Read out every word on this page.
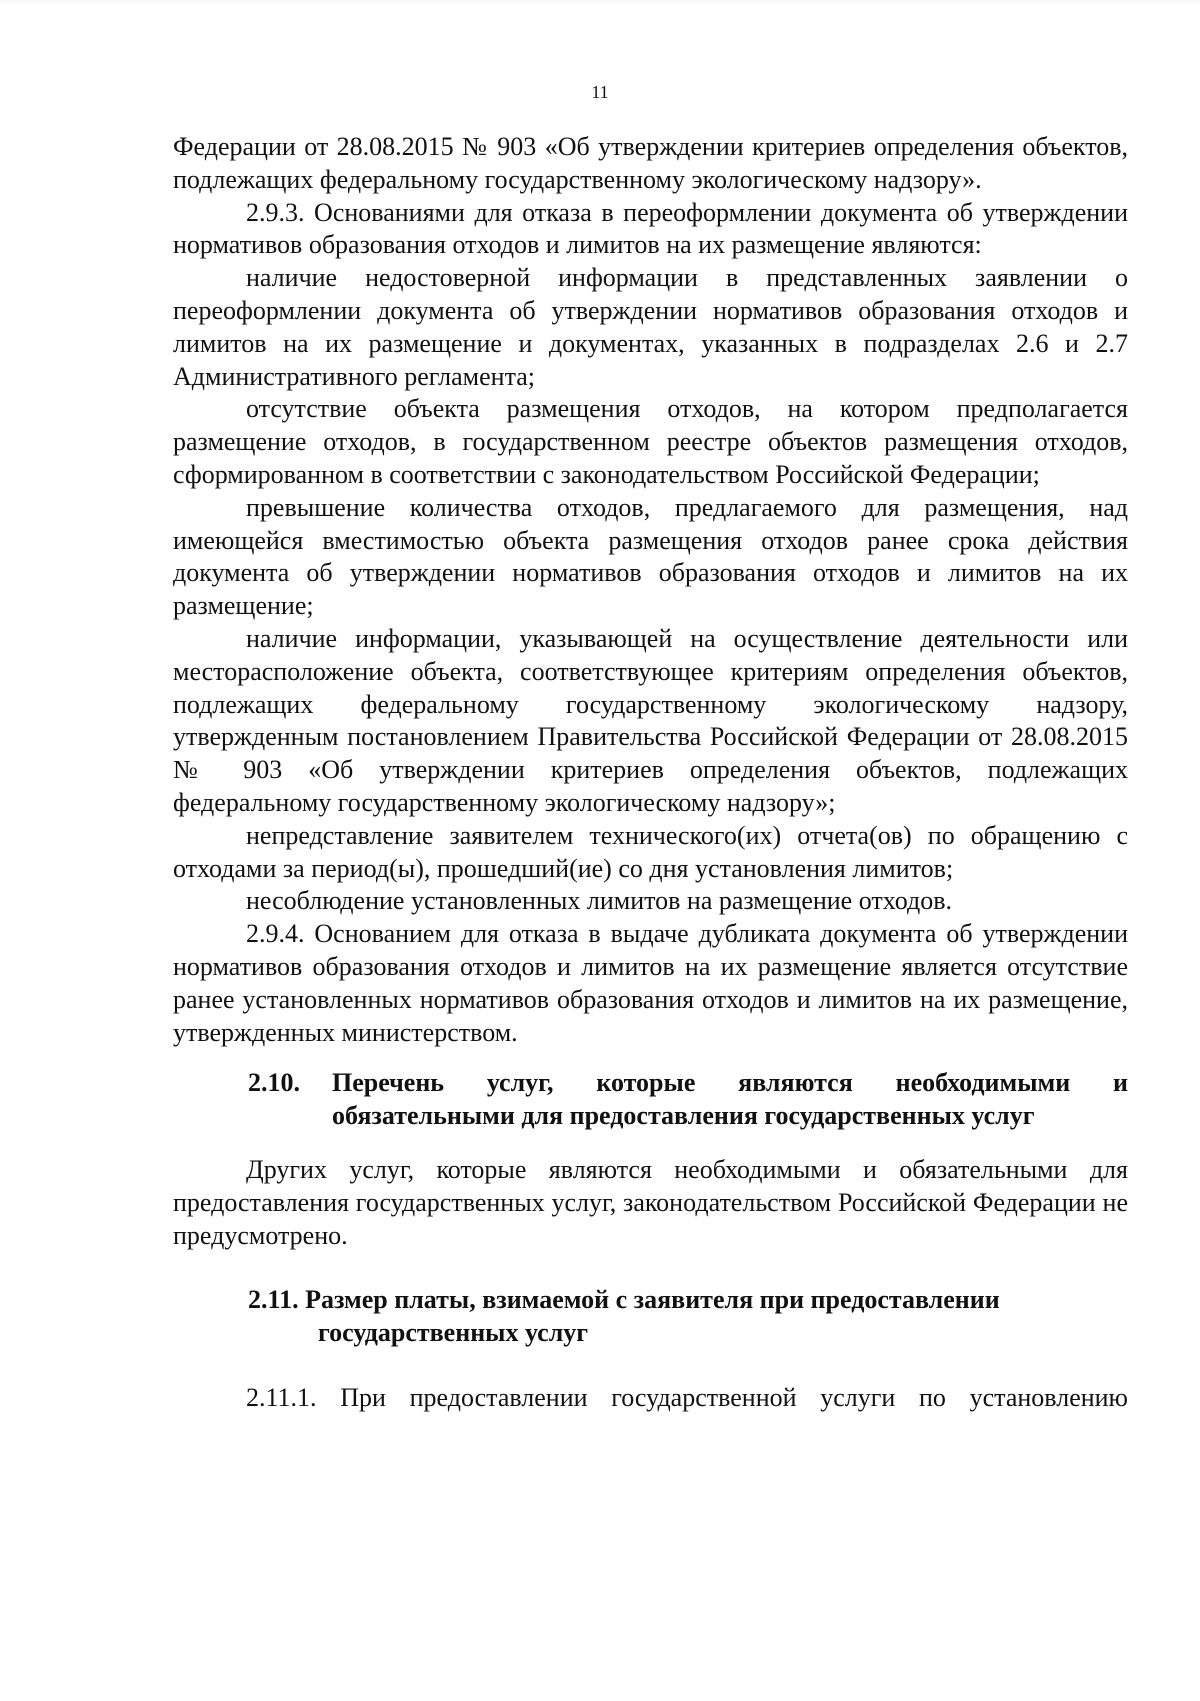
11

Федерации от 28.08.2015 № 903 «Об утверждении критериев определения объектов, подлежащих федеральному государственному экологическому надзору».

2.9.3. Основаниями для отказа в переоформлении документа об утверждении нормативов образования отходов и лимитов на их размещение являются:

наличие недостоверной информации в представленных заявлении о переоформлении документа об утверждении нормативов образования отходов и лимитов на их размещение и документах, указанных в подразделах 2.6 и 2.7 Административного регламента;

отсутствие объекта размещения отходов, на котором предполагается размещение отходов, в государственном реестре объектов размещения отходов, сформированном в соответствии с законодательством Российской Федерации;

превышение количества отходов, предлагаемого для размещения, над имеющейся вместимостью объекта размещения отходов ранее срока действия документа об утверждении нормативов образования отходов и лимитов на их размещение;

наличие информации, указывающей на осуществление деятельности или месторасположение объекта, соответствующее критериям определения объектов, подлежащих федеральному государственному экологическому надзору, утвержденным постановлением Правительства Российской Федерации от 28.08.2015 № 903 «Об утверждении критериев определения объектов, подлежащих федеральному государственному экологическому надзору»;

непредставление заявителем технического(их) отчета(ов) по обращению с отходами за период(ы), прошедший(ие) со дня установления лимитов;

несоблюдение установленных лимитов на размещение отходов.

2.9.4. Основанием для отказа в выдаче дубликата документа об утверждении нормативов образования отходов и лимитов на их размещение является отсутствие ранее установленных нормативов образования отходов и лимитов на их размещение, утвержденных министерством.

2.10.	Перечень услуг, которые являются необходимыми и
обязательными для предоставления государственных услуг

Других услуг, которые являются необходимыми и обязательными для предоставления государственных услуг, законодательством Российской Федерации не предусмотрено.

2.11. Размер платы, взимаемой с заявителя при предоставлении
государственных услуг

2.11.1. При предоставлении государственной услуги по установлению
